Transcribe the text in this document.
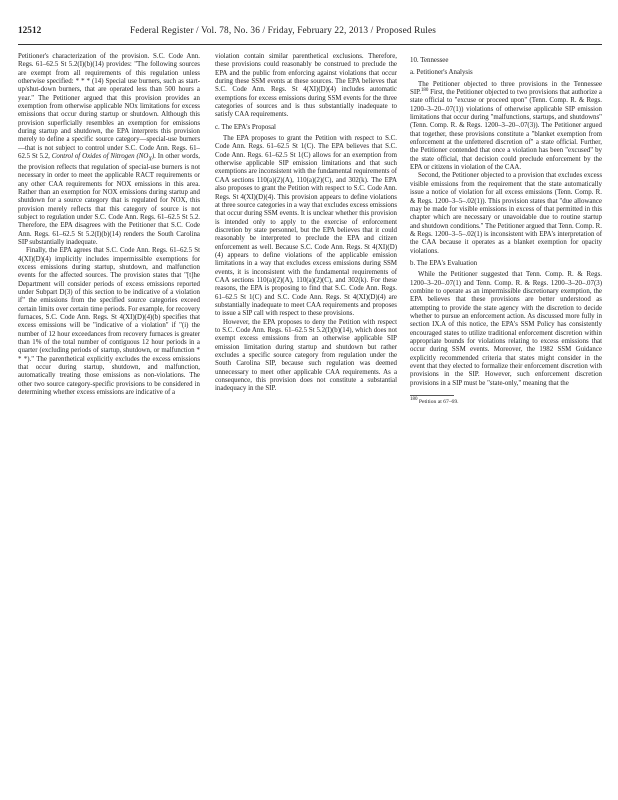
12512	Federal Register / Vol. 78, No. 36 / Friday, February 22, 2013 / Proposed Rules

Petitioner's characterization of the provision. S.C. Code Ann. Regs. 61–62.5 St 5.2(I)(b)(14) provides: "The following sources are exempt from all requirements of this regulation unless otherwise specified: * * * (14) Special use burners, such as start-up/shut-down burners, that are operated less than 500 hours a year." The Petitioner argued that this provision provides an exemption from otherwise applicable NOx limitations for excess emissions that occur during startup or shutdown. Although this provision superficially resembles an exemption for emissions during startup and shutdown, the EPA interprets this provision merely to define a specific source category—special-use burners—that is not subject to control under S.C. Code Ann. Regs. 61–62.5 St 5.2, Control of Oxides of Nitrogen $(NO_X)$. In other words, the provision reflects that regulation of special-use burners is not necessary in order to meet the applicable RACT requirements or any other CAA requirements for NOX emissions in this area. Rather than an exemption for NOX emissions during startup and shutdown for a source category that is regulated for NOX, this provision merely reflects that this category of source is not subject to regulation under S.C. Code Ann. Regs. 61–62.5 St 5.2. Therefore, the EPA disagrees with the Petitioner that S.C. Code Ann. Regs. 61–62.5 St 5.2(I)(b)(14) renders the South Carolina SIP substantially inadequate.

Finally, the EPA agrees that S.C. Code Ann. Regs. 61–62.5 St 4(XI)(D)(4) implicitly includes impermissible exemptions for excess emissions during startup, shutdown, and malfunction events for the affected sources. The provision states that "[t]he Department will consider periods of excess emissions reported under Subpart D(3) of this section to be indicative of a violation if" the emissions from the specified source categories exceed certain limits over certain time periods. For example, for recovery furnaces, S.C. Code Ann. Regs. St 4(XI)(D)(4)(b) specifies that excess emissions will be "indicative of a violation" if "(i) the number of 12 hour exceedances from recovery furnaces is greater than 1% of the total number of contiguous 12 hour periods in a quarter (excluding periods of startup, shutdown, or malfunction * * *)." The parenthetical explicitly excludes the excess emissions that occur during startup, shutdown, and malfunction, automatically treating those emissions as non-violations. The other two source category-specific provisions to be considered in determining whether excess emissions are indicative of a

violation contain similar parenthetical exclusions. Therefore, these provisions could reasonably be construed to preclude the EPA and the public from enforcing against violations that occur during these SSM events at these sources. The EPA believes that S.C. Code Ann. Regs. St 4(XI)(D)(4) includes automatic exemptions for excess emissions during SSM events for the three categories of sources and is thus substantially inadequate to satisfy CAA requirements.

c. The EPA's Proposal

The EPA proposes to grant the Petition with respect to S.C. Code Ann. Regs. 61–62.5 St 1(C). The EPA believes that S.C. Code Ann. Regs. 61–62.5 St 1(C) allows for an exemption from otherwise applicable SIP emission limitations and that such exemptions are inconsistent with the fundamental requirements of CAA sections 110(a)(2)(A), 110(a)(2)(C), and 302(k). The EPA also proposes to grant the Petition with respect to S.C. Code Ann. Regs. St 4(XI)(D)(4). This provision appears to define violations at three source categories in a way that excludes excess emissions that occur during SSM events. It is unclear whether this provision is intended only to apply to the exercise of enforcement discretion by state personnel, but the EPA believes that it could reasonably be interpreted to preclude the EPA and citizen enforcement as well. Because S.C. Code Ann. Regs. St 4(XI)(D)(4) appears to define violations of the applicable emission limitations in a way that excludes excess emissions during SSM events, it is inconsistent with the fundamental requirements of CAA sections 110(a)(2)(A), 110(a)(2)(C), and 302(k). For these reasons, the EPA is proposing to find that S.C. Code Ann. Regs. 61–62.5 St 1(C) and S.C. Code Ann. Regs. St 4(XI)(D)(4) are substantially inadequate to meet CAA requirements and proposes to issue a SIP call with respect to these provisions.

However, the EPA proposes to deny the Petition with respect to S.C. Code Ann. Regs. 61–62.5 St 5.2(I)(b)(14), which does not exempt excess emissions from an otherwise applicable SIP emission limitation during startup and shutdown but rather excludes a specific source category from regulation under the South Carolina SIP, because such regulation was deemed unnecessary to meet other applicable CAA requirements. As a consequence, this provision does not constitute a substantial inadequacy in the SIP.

10. Tennessee

a. Petitioner's Analysis

The Petitioner objected to three provisions in the Tennessee SIP.$^{180}$ First, the Petitioner objected to two provisions that authorize a state official to "excuse or proceed upon" (Tenn. Comp. R. & Regs. 1200–3–20–.07(1)) violations of otherwise applicable SIP emission limitations that occur during "malfunctions, startups, and shutdowns" (Tenn. Comp. R. & Regs. 1200–3–20–.07(3)). The Petitioner argued that together, these provisions constitute a "blanket exemption from enforcement at the unfettered discretion of" a state official. Further, the Petitioner contended that once a violation has been "excused" by the state official, that decision could preclude enforcement by the EPA or citizens in violation of the CAA.

Second, the Petitioner objected to a provision that excludes excess visible emissions from the requirement that the state automatically issue a notice of violation for all excess emissions (Tenn. Comp. R. & Regs. 1200–3–5–.02(1)). This provision states that "due allowance may be made for visible emissions in excess of that permitted in this chapter which are necessary or unavoidable due to routine startup and shutdown conditions." The Petitioner argued that Tenn. Comp. R. & Regs. 1200–3–5–.02(1) is inconsistent with EPA's interpretation of the CAA because it operates as a blanket exemption for opacity violations.

b. The EPA's Evaluation

While the Petitioner suggested that Tenn. Comp. R. & Regs. 1200–3–20–.07(1) and Tenn. Comp. R. & Regs. 1200–3–20–.07(3) combine to operate as an impermissible discretionary exemption, the EPA believes that these provisions are better understood as attempting to provide the state agency with the discretion to decide whether to pursue an enforcement action. As discussed more fully in section IX.A of this notice, the EPA's SSM Policy has consistently encouraged states to utilize traditional enforcement discretion within appropriate bounds for violations relating to excess emissions that occur during SSM events. Moreover, the 1982 SSM Guidance explicitly recommended criteria that states might consider in the event that they elected to formalize their enforcement discretion with provisions in the SIP. However, such enforcement discretion provisions in a SIP must be "state-only," meaning that the

$^{180}$ Petition at 67–69.
